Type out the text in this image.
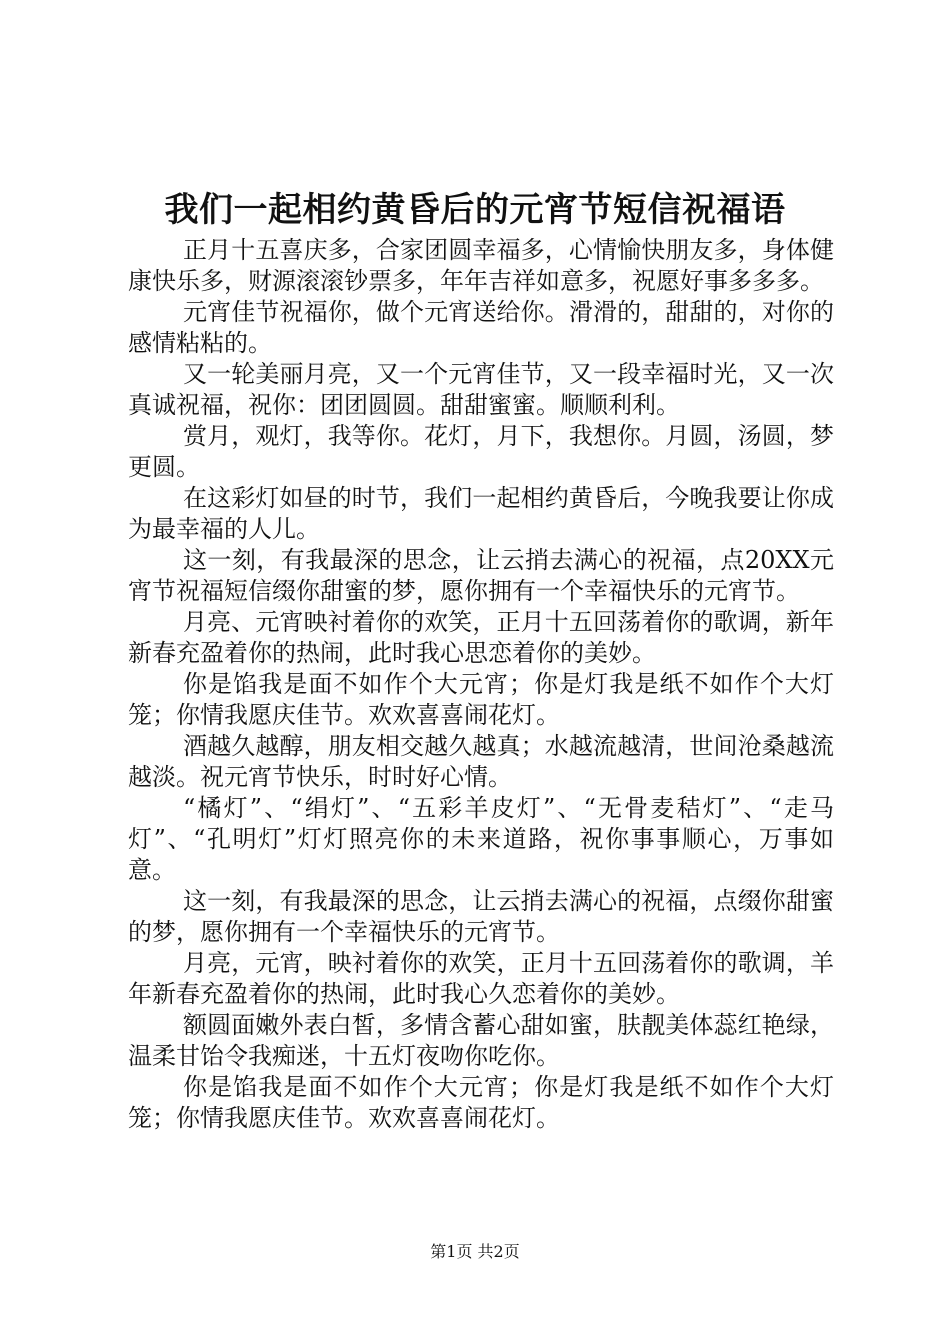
我们一起相约黄昏后的元宵节短信祝福语

正月十五喜庆多，合家团圆幸福多，心情愉快朋友多，身体健康快乐多，财源滚滚钞票多，年年吉祥如意多，祝愿好事多多多。

元宵佳节祝福你，做个元宵送给你。滑滑的，甜甜的，对你的感情粘粘的。

又一轮美丽月亮，又一个元宵佳节，又一段幸福时光，又一次真诚祝福，祝你：团团圆圆。甜甜蜜蜜。顺顺利利。

赏月，观灯，我等你。花灯，月下，我想你。月圆，汤圆，梦更圆。

在这彩灯如昼的时节，我们一起相约黄昏后，今晚我要让你成为最幸福的人儿。

这一刻，有我最深的思念，让云捎去满心的祝福，点20XX元宵节祝福短信缀你甜蜜的梦，愿你拥有一个幸福快乐的元宵节。

月亮、元宵映衬着你的欢笑，正月十五回荡着你的歌调，新年新春充盈着你的热闹，此时我心思恋着你的美妙。

你是馅我是面不如作个大元宵；你是灯我是纸不如作个大灯笼；你情我愿庆佳节。欢欢喜喜闹花灯。

酒越久越醇，朋友相交越久越真；水越流越清，世间沧桑越流越淡。祝元宵节快乐，时时好心情。

“橘灯”、“绢灯”、“五彩羊皮灯”、“无骨麦秸灯”、“走马灯”、“孔明灯”灯灯照亮你的未来道路，祝你事事顺心，万事如意。

这一刻，有我最深的思念，让云捎去满心的祝福，点缀你甜蜜的梦，愿你拥有一个幸福快乐的元宵节。

月亮，元宵，映衬着你的欢笑，正月十五回荡着你的歌调，羊年新春充盈着你的热闹，此时我心久恋着你的美妙。

额圆面嫩外表白皙，多情含蓄心甜如蜜，肤靓美体蕊红艳绿，温柔甘饴令我痴迷，十五灯夜吻你吃你。

你是馅我是面不如作个大元宵；你是灯我是纸不如作个大灯笼；你情我愿庆佳节。欢欢喜喜闹花灯。

第1页 共2页
